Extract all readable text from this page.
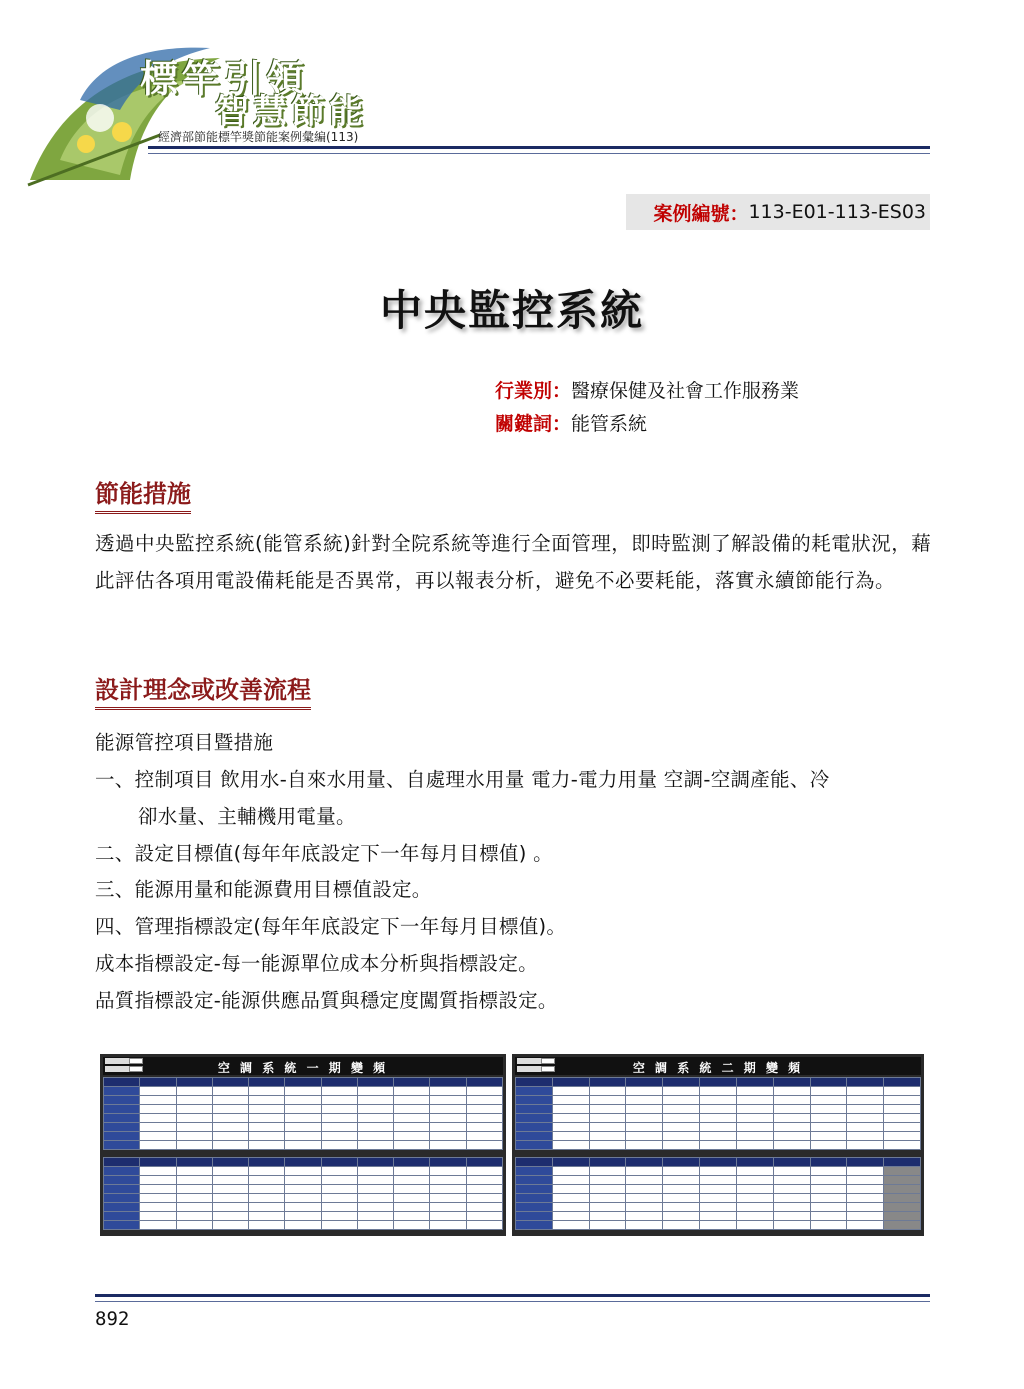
標竿引領
智慧節能
經濟部節能標竿獎節能案例彙編(113)
案例編號： 113-E01-113-ES03
中央監控系統
行業別：醫療保健及社會工作服務業
關鍵詞：能管系統
節能措施
透過中央監控系統(能管系統)針對全院系統等進行全面管理，即時監測了解設備的耗電狀況，藉此評估各項用電設備耗能是否異常，再以報表分析，避免不必要耗能，落實永續節能行為。
設計理念或改善流程
能源管控項目暨措施
一、控制項目 飲用水-自來水用量、自處理水用量 電力-電力用量 空調-空調產能、冷
卻水量、主輔機用電量。
二、設定目標值(每年年底設定下一年每月目標值) 。
三、能源用量和能源費用目標值設定。
四、管理指標設定(每年年底設定下一年每月目標值)。
成本指標設定-每一能源單位成本分析與指標設定。
品質指標設定-能源供應品質與穩定度闖質指標設定。
空 調 系 統 一 期 變 頻

											空 調 系 統 二 期 變 頻

892
